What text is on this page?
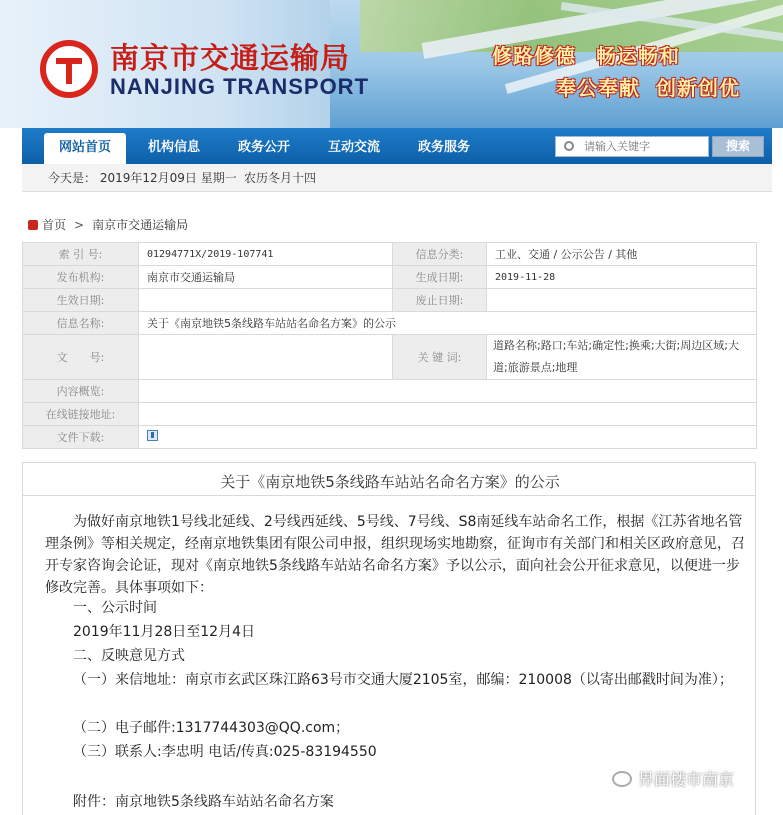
南京市交通运输局
NANJING TRANSPORT
修路修德 畅运畅和
奉公奉献 创新创优
网站首页	机构信息	政务公开	互动交流	政务服务
请输入关键字	搜索
今天是： 2019年12月09日 星期一 农历冬月十四
首页 > 南京市交通运输局
索 引 号:	01294771X/2019-107741	信息分类:	工业、交通 / 公示公告 / 其他
发布机构:	南京市交通运输局	生成日期:	2019-11-28
生效日期:		废止日期:	
信息名称:	关于《南京地铁5条线路车站站名命名方案》的公示		
文　　号:		关 键 词:	道路名称;路口;车站;确定性;换乘;大街;周边区域;大道;旅游景点;地理
内容概览:			
在线链接地址:			
文件下载:			
关于《南京地铁5条线路车站站名命名方案》的公示
为做好南京地铁1号线北延线、2号线西延线、5号线、7号线、S8南延线车站命名工作，根据《江苏省地名管理条例》等相关规定，经南京地铁集团有限公司申报，组织现场实地勘察，征询市有关部门和相关区政府意见，召开专家咨询会论证，现对《南京地铁5条线路车站站名命名方案》予以公示，面向社会公开征求意见，以便进一步修改完善。具体事项如下：
一、公示时间
2019年11月28日至12月4日
二、反映意见方式
（一）来信地址：南京市玄武区珠江路63号市交通大厦2105室，邮编：210008（以寄出邮戳时间为准）；
（二）电子邮件:1317744303@QQ.com；
（三）联系人:李忠明 电话/传真:025-83194550
附件：南京地铁5条线路车站站名命名方案
界面楼市南京
